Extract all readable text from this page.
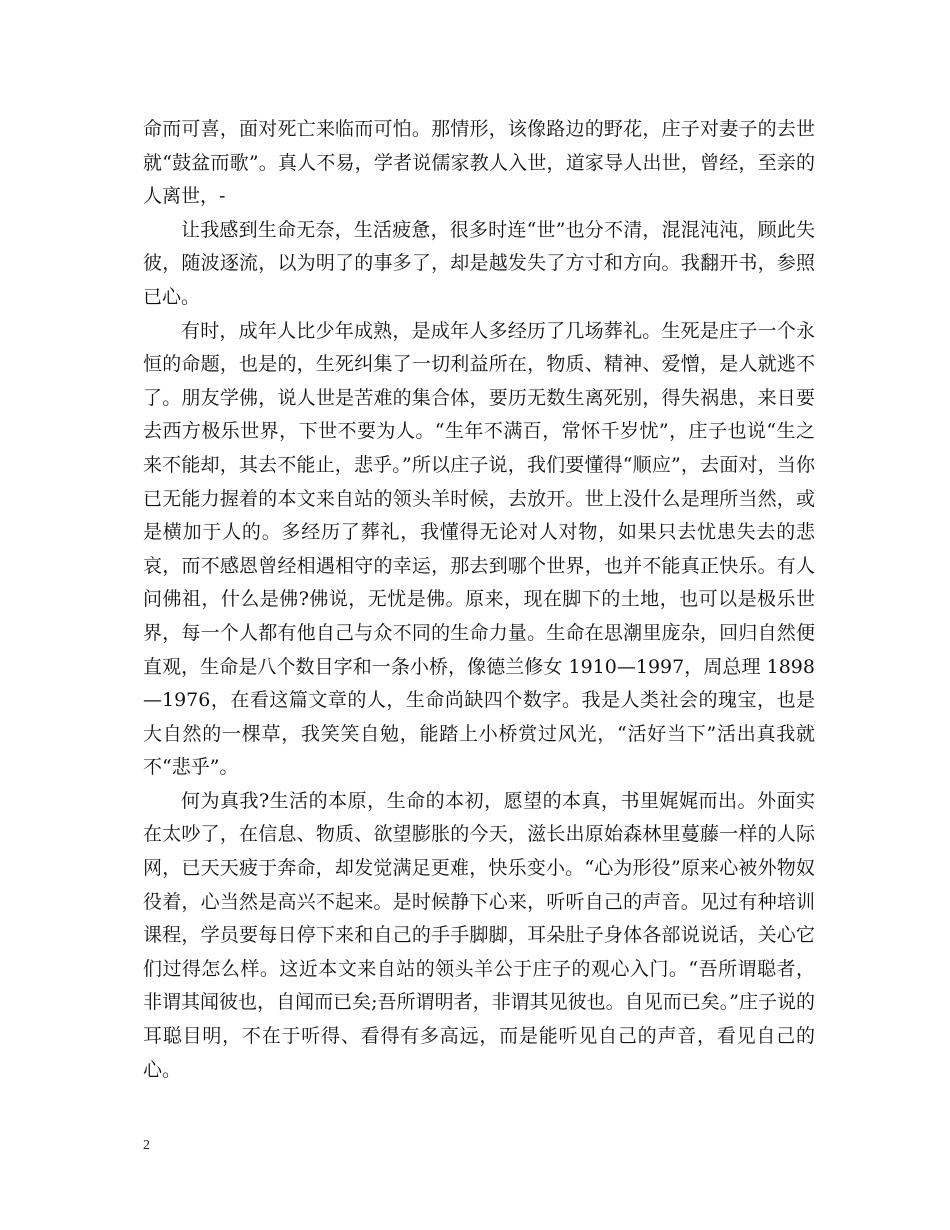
命而可喜，面对死亡来临而可怕。那情形，该像路边的野花，庄子对妻子的去世就“鼓盆而歌”。真人不易，学者说儒家教人入世，道家导人出世，曾经，至亲的人离世，-

让我感到生命无奈，生活疲惫，很多时连“世”也分不清，混混沌沌，顾此失彼，随波逐流，以为明了的事多了，却是越发失了方寸和方向。我翻开书，参照已心。

有时，成年人比少年成熟，是成年人多经历了几场葬礼。生死是庄子一个永恒的命题，也是的，生死纠集了一切利益所在，物质、精神、爱憎，是人就逃不了。朋友学佛，说人世是苦难的集合体，要历无数生离死别，得失祸患，来日要去西方极乐世界，下世不要为人。“生年不满百，常怀千岁忧”，庄子也说“生之来不能却，其去不能止，悲乎。”所以庄子说，我们要懂得“顺应”，去面对，当你已无能力握着的本文来自站的领头羊时候，去放开。世上没什么是理所当然，或是横加于人的。多经历了葬礼，我懂得无论对人对物，如果只去忧患失去的悲哀，而不感恩曾经相遇相守的幸运，那去到哪个世界，也并不能真正快乐。有人问佛祖，什么是佛?佛说，无忧是佛。原来，现在脚下的土地，也可以是极乐世界，每一个人都有他自己与众不同的生命力量。生命在思潮里庞杂，回归自然便直观，生命是八个数目字和一条小桥，像德兰修女 1910—1997，周总理 1898—1976，在看这篇文章的人，生命尚缺四个数字。我是人类社会的瑰宝，也是大自然的一棵草，我笑笑自勉，能踏上小桥赏过风光，“活好当下”活出真我就不“悲乎”。

何为真我?生活的本原，生命的本初，愿望的本真，书里娓娓而出。外面实在太吵了，在信息、物质、欲望膨胀的今天，滋长出原始森林里蔓藤一样的人际网，已天天疲于奔命，却发觉满足更难，快乐变小。“心为形役”原来心被外物奴役着，心当然是高兴不起来。是时候静下心来，听听自己的声音。见过有种培训课程，学员要每日停下来和自己的手手脚脚，耳朵肚子身体各部说说话，关心它们过得怎么样。这近本文来自站的领头羊公于庄子的观心入门。“吾所谓聪者，非谓其闻彼也，自闻而已矣;吾所谓明者，非谓其见彼也。自见而已矣。”庄子说的耳聪目明，不在于听得、看得有多高远，而是能听见自己的声音，看见自己的心。

2
